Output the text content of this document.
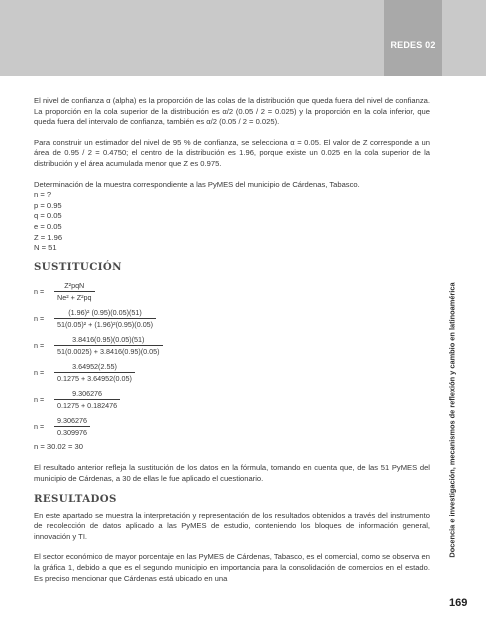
REDES 02
Docencia e investigación, mecanismos de reflexión y cambio en latinoamérica

El nivel de confianza α (alpha) es la proporción de las colas de la distribución que queda fuera del nivel de confianza. La proporción en la cola superior de la distribución es α/2 (0.05 / 2 = 0.025) y la proporción en la cola inferior, que queda fuera del intervalo de confianza, también es α/2 (0.05 / 2 = 0.025).

Para construir un estimador del nivel de 95 % de confianza, se selecciona α = 0.05. El valor de Z corresponde a un área de 0.95 / 2 = 0.4750; el centro de la distribución es 1.96, porque existe un 0.025 en la cola superior de la distribución y el área acumulada menor que Z es 0.975.

Determinación de la muestra correspondiente a las PyMES del municipio de Cárdenas, Tabasco.

n = ?
p = 0.95
q = 0.05
e = 0.05
Z = 1.96
N = 51
SUSTITUCIÓN
n =	$\frac{\text{Z²pqN}}{\text{Ne² + Z²pq}}$
n =	$\frac{\text{(1.96)² (0.95)(0.05)(51)}}{\text{51(0.05)² + (1.96)²(0.95)(0.05)}}$
n =	$\frac{3.8416(0.95)(0.05)(51)}{51(0.0025) + 3.8416(0.95)(0.05)}$
n =	$\frac{3.64952(2.55)}{0.1275 + 3.64952(0.05)}$
n =	$\frac{9.306276}{0.1275 + 0.182476}$
n =	$\frac{9.306276}{0.309976}$
n = 30.02 = 30

El resultado anterior refleja la sustitución de los datos en la fórmula, tomando en cuenta que, de las 51 PyMES del municipio de Cárdenas, a 30 de ellas le fue aplicado el cuestionario.

RESULTADOS

En este apartado se muestra la interpretación y representación de los resultados obtenidos a través del instrumento de recolección de datos aplicado a las PyMES de estudio, conteniendo los bloques de información general, innovación y TI.

El sector económico de mayor porcentaje en las PyMES de Cárdenas, Tabasco, es el comercial, como se observa en la gráfica 1, debido a que es el segundo municipio en importancia para la consolidación de comercios en el estado. Es preciso mencionar que Cárdenas está ubicado en una

169
